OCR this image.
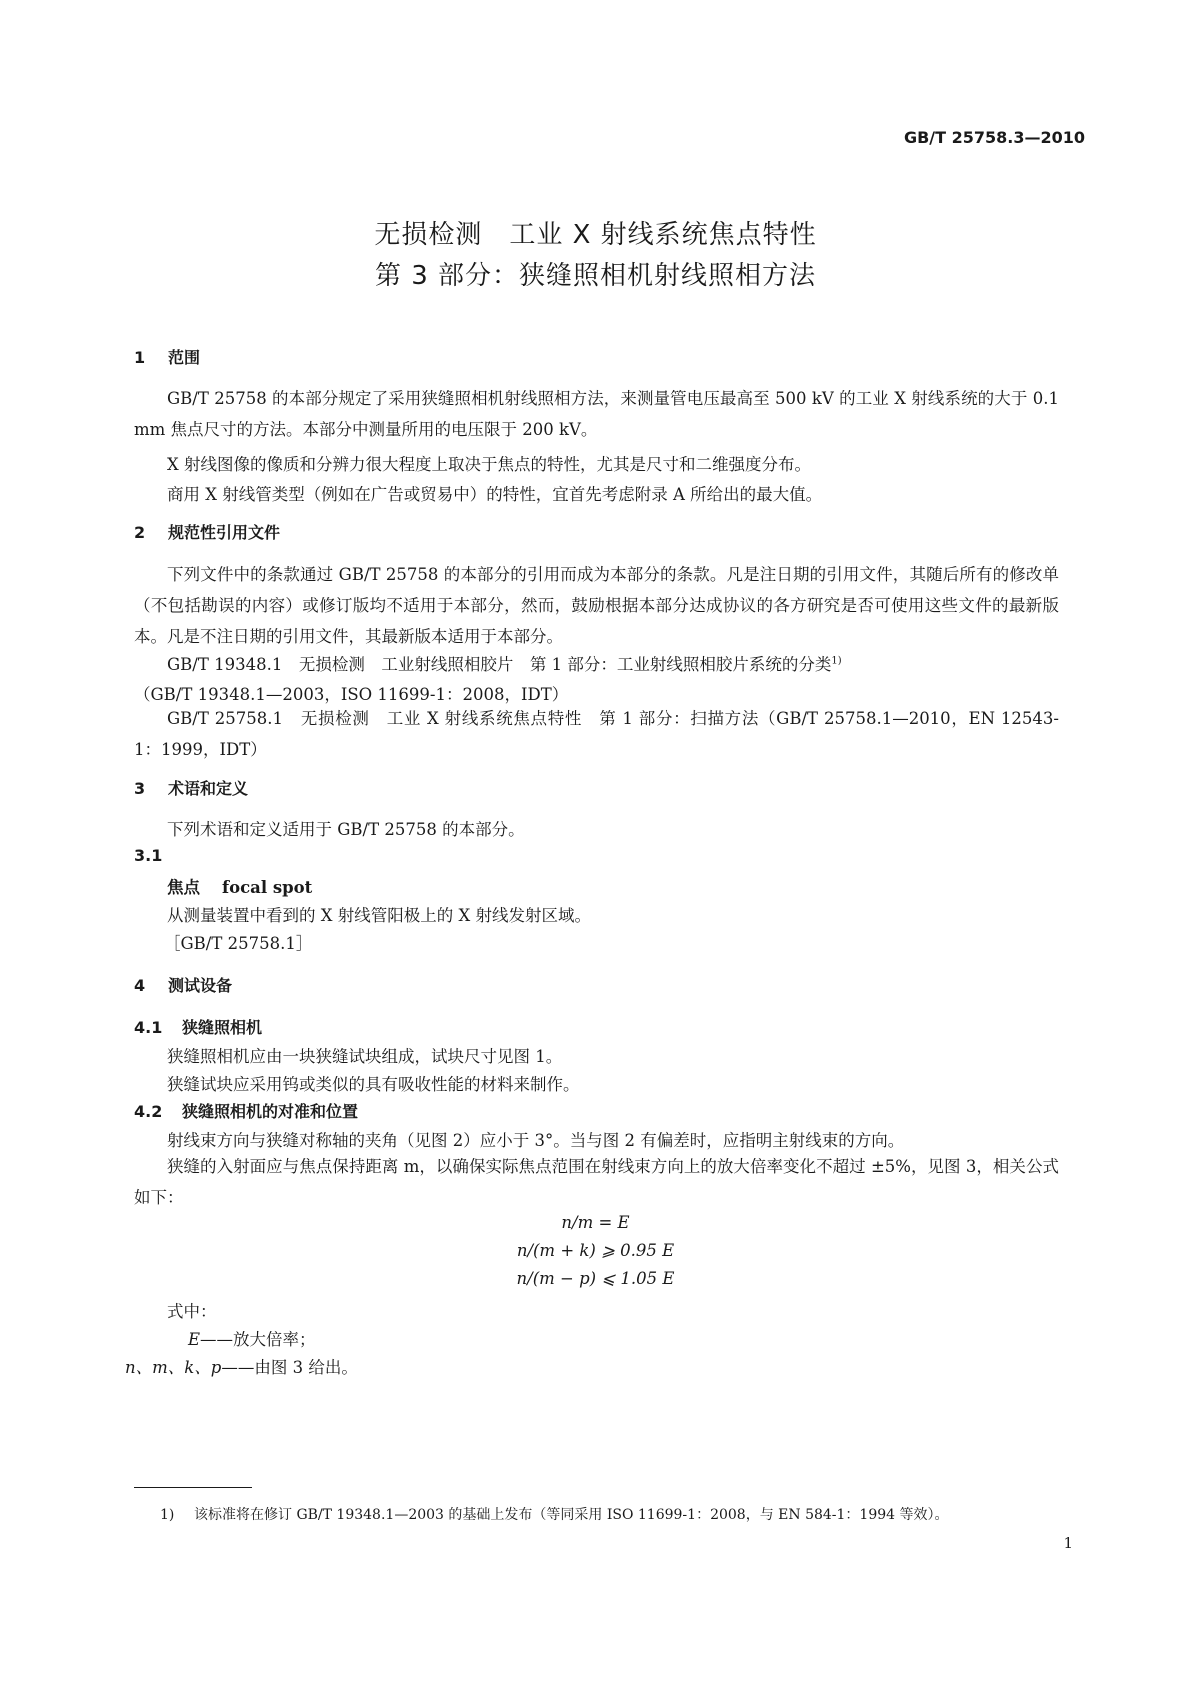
GB/T 25758.3—2010
无损检测　工业 X 射线系统焦点特性
第 3 部分：狭缝照相机射线照相方法
1 范围
GB/T 25758 的本部分规定了采用狭缝照相机射线照相方法，来测量管电压最高至 500 kV 的工业 X 射线系统的大于 0.1 mm 焦点尺寸的方法。本部分中测量所用的电压限于 200 kV。
X 射线图像的像质和分辨力很大程度上取决于焦点的特性，尤其是尺寸和二维强度分布。
商用 X 射线管类型（例如在广告或贸易中）的特性，宜首先考虑附录 A 所给出的最大值。
2 规范性引用文件
下列文件中的条款通过 GB/T 25758 的本部分的引用而成为本部分的条款。凡是注日期的引用文件，其随后所有的修改单（不包括勘误的内容）或修订版均不适用于本部分，然而，鼓励根据本部分达成协议的各方研究是否可使用这些文件的最新版本。凡是不注日期的引用文件，其最新版本适用于本部分。
GB/T 19348.1　无损检测　工业射线照相胶片　第 1 部分：工业射线照相胶片系统的分类$^{1)}$
（GB/T 19348.1—2003，ISO 11699-1：2008，IDT）
GB/T 25758.1　无损检测　工业 X 射线系统焦点特性　第 1 部分：扫描方法（GB/T 25758.1—2010，EN 12543-1：1999，IDT）
3 术语和定义
下列术语和定义适用于 GB/T 25758 的本部分。
3.1
焦点 focal spot
从测量装置中看到的 X 射线管阳极上的 X 射线发射区域。
［GB/T 25758.1］
4 测试设备
4.1 狭缝照相机
狭缝照相机应由一块狭缝试块组成，试块尺寸见图 1。
狭缝试块应采用钨或类似的具有吸收性能的材料来制作。
4.2 狭缝照相机的对准和位置
射线束方向与狭缝对称轴的夹角（见图 2）应小于 3°。当与图 2 有偏差时，应指明主射线束的方向。
狭缝的入射面应与焦点保持距离 m，以确保实际焦点范围在射线束方向上的放大倍率变化不超过 ±5%，见图 3，相关公式如下：
n/m = E
n/(m + k) ⩾ 0.95 E
n/(m − p) ⩽ 1.05 E
式中：
E——放大倍率；
n、m、k、p——由图 3 给出。
1) 该标准将在修订 GB/T 19348.1—2003 的基础上发布（等同采用 ISO 11699-1：2008，与 EN 584-1：1994 等效）。
1
